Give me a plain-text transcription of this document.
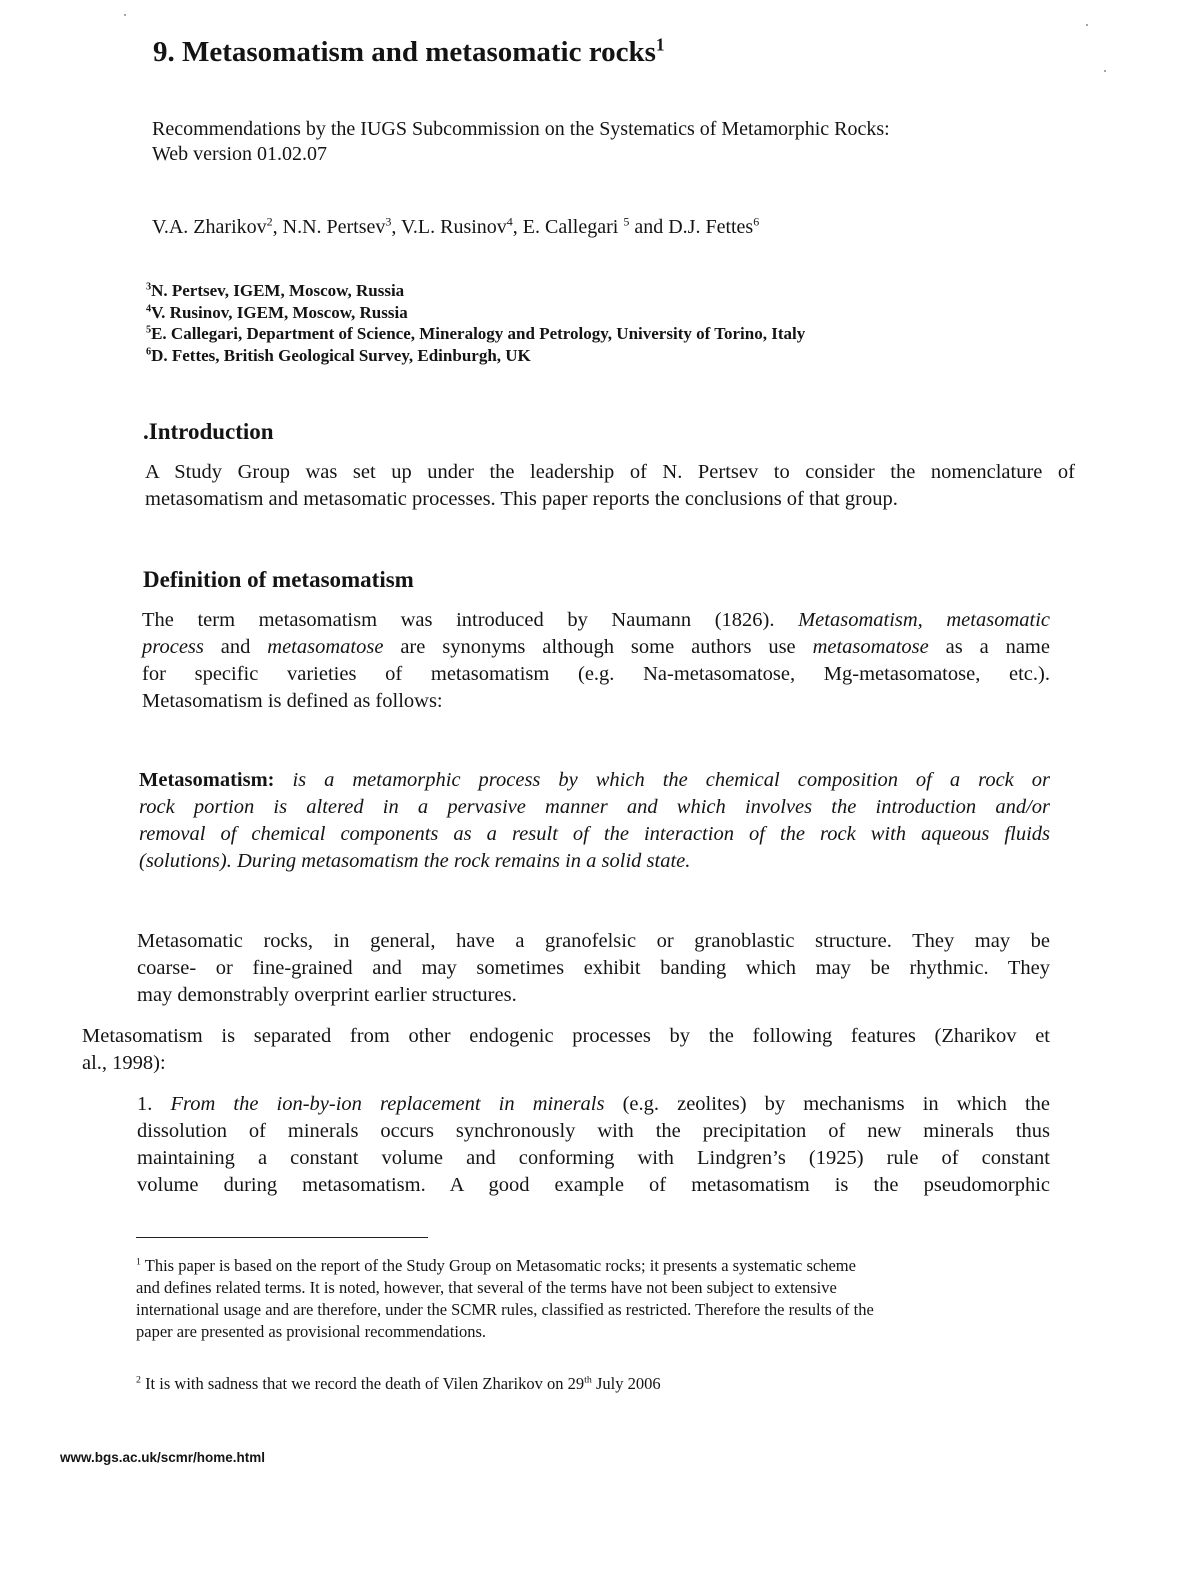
9. Metasomatism and metasomatic rocks$^1$
Recommendations by the IUGS Subcommission on the Systematics of Metamorphic Rocks:
Web version 01.02.07
V.A. Zharikov$^2$, N.N. Pertsev$^3$, V.L. Rusinov$^4$, E. Callegari $^5$ and D.J. Fettes$^6$
$^3$N. Pertsev, IGEM, Moscow, Russia
$^4$V. Rusinov, IGEM, Moscow, Russia
$^5$E. Callegari, Department of Science, Mineralogy and Petrology, University of Torino, Italy
$^6$D. Fettes, British Geological Survey, Edinburgh, UK
.Introduction
A Study Group was set up under the leadership of N. Pertsev to consider the nomenclature of
metasomatism and metasomatic processes. This paper reports the conclusions of that group.
Definition of metasomatism
The term metasomatism was introduced by Naumann (1826). Metasomatism, metasomatic
process and metasomatose are synonyms although some authors use metasomatose as a name
for specific varieties of metasomatism (e.g. Na-metasomatose, Mg-metasomatose, etc.).
Metasomatism is defined as follows:
Metasomatism: is a metamorphic process by which the chemical composition of a rock or
rock portion is altered in a pervasive manner and which involves the introduction and/or
removal of chemical components as a result of the interaction of the rock with aqueous fluids
(solutions). During metasomatism the rock remains in a solid state.
Metasomatic rocks, in general, have a granofelsic or granoblastic structure. They may be
coarse- or fine-grained and may sometimes exhibit banding which may be rhythmic. They
may demonstrably overprint earlier structures.
Metasomatism is separated from other endogenic processes by the following features (Zharikov et
al., 1998):
1. From the ion-by-ion replacement in minerals (e.g. zeolites) by mechanisms in which the
dissolution of minerals occurs synchronously with the precipitation of new minerals thus
maintaining a constant volume and conforming with Lindgren’s (1925) rule of constant
volume during metasomatism. A good example of metasomatism is the pseudomorphic
$^1$ This paper is based on the report of the Study Group on Metasomatic rocks; it presents a systematic scheme
and defines related terms. It is noted, however, that several of the terms have not been subject to extensive
international usage and are therefore, under the SCMR rules, classified as restricted. Therefore the results of the
paper are presented as provisional recommendations.
$^2$ It is with sadness that we record the death of Vilen Zharikov on 29th July 2006
www.bgs.ac.uk/scmr/home.html
